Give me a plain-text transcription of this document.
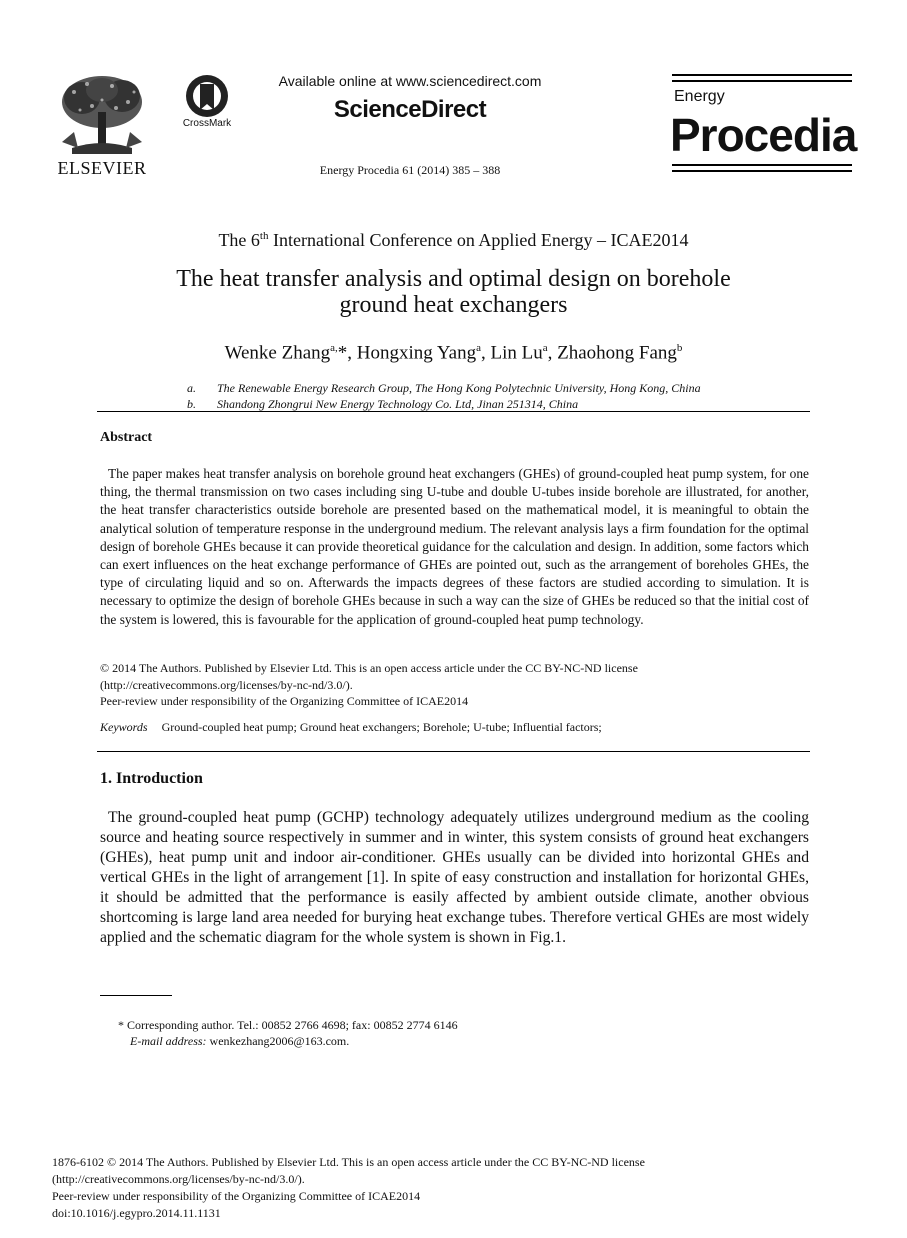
ELSEVIER
CrossMark
Available online at www.sciencedirect.com
ScienceDirect
Energy Procedia 61 (2014) 385 – 388
Energy
Procedia
The 6th International Conference on Applied Energy – ICAE2014
The heat transfer analysis and optimal design on borehole
ground heat exchangers
Wenke Zhang$^{a,}$*, Hongxing Yang$^a$, Lin Lu$^a$, Zhaohong Fang$^b$
a. The Renewable Energy Research Group, The Hong Kong Polytechnic University, Hong Kong, China
b. Shandong Zhongrui New Energy Technology Co. Ltd, Jinan 251314, China
Abstract
The paper makes heat transfer analysis on borehole ground heat exchangers (GHEs) of ground-coupled heat pump system, for one thing, the thermal transmission on two cases including sing U-tube and double U-tubes inside borehole are illustrated, for another, the heat transfer characteristics outside borehole are presented based on the mathematical model, it is meaningful to obtain the analytical solution of temperature response in the underground medium. The relevant analysis lays a firm foundation for the optimal design of borehole GHEs because it can provide theoretical guidance for the calculation and design. In addition, some factors which can exert influences on the heat exchange performance of GHEs are pointed out, such as the arrangement of boreholes GHEs, the type of circulating liquid and so on. Afterwards the impacts degrees of these factors are studied according to simulation. It is necessary to optimize the design of borehole GHEs because in such a way can the size of GHEs be reduced so that the initial cost of the system is lowered, this is favourable for the application of ground-coupled heat pump technology.
© 2014 The Authors. Published by Elsevier Ltd. This is an open access article under the CC BY-NC-ND license
(http://creativecommons.org/licenses/by-nc-nd/3.0/).
Peer-review under responsibility of the Organizing Committee of ICAE2014
Keywords Ground-coupled heat pump; Ground heat exchangers; Borehole; U-tube; Influential factors;
1. Introduction
The ground-coupled heat pump (GCHP) technology adequately utilizes underground medium as the cooling source and heating source respectively in summer and in winter, this system consists of ground heat exchangers (GHEs), heat pump unit and indoor air-conditioner. GHEs usually can be divided into horizontal GHEs and vertical GHEs in the light of arrangement [1]. In spite of easy construction and installation for horizontal GHEs, it should be admitted that the performance is easily affected by ambient outside climate, another obvious shortcoming is large land area needed for burying heat exchange tubes. Therefore vertical GHEs are most widely applied and the schematic diagram for the whole system is shown in Fig.1.
* Corresponding author. Tel.: 00852 2766 4698; fax: 00852 2774 6146
E-mail address: wenkezhang2006@163.com.
1876-6102 © 2014 The Authors. Published by Elsevier Ltd. This is an open access article under the CC BY-NC-ND license
(http://creativecommons.org/licenses/by-nc-nd/3.0/).
Peer-review under responsibility of the Organizing Committee of ICAE2014
doi:10.1016/j.egypro.2014.11.1131
